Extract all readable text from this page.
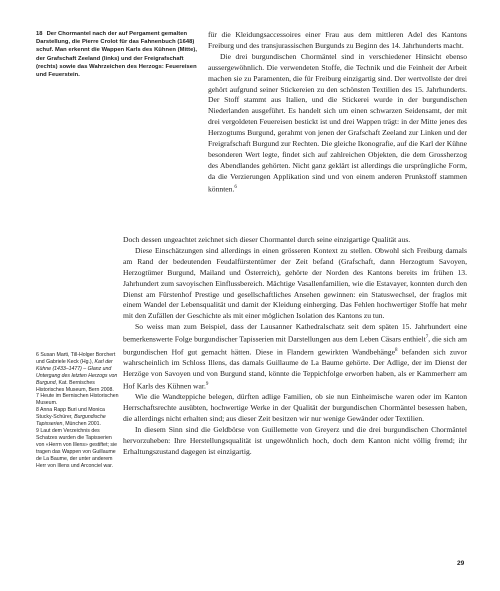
18 Der Chormantel nach der auf Pergament gemalten Darstellung, die Pierre Crolot für das Fahnenbuch (1648) schuf. Man erkennt die Wappen Karls des Kühnen (Mitte), der Grafschaft Zeeland (links) und der Freigrafschaft (rechts) sowie das Wahrzeichen des Herzogs: Feuereisen und Feuerstein.

für die Kleidungsaccessoires einer Frau aus dem mittleren Adel des Kantons Freiburg und des transjurassischen Burgunds zu Beginn des 14. Jahrhunderts macht.

Die drei burgundischen Chormäntel sind in verschiedener Hinsicht ebenso aussergewöhnlich. Die verwendeten Stoffe, die Technik und die Feinheit der Arbeit machen sie zu Paramenten, die für Freiburg einzigartig sind. Der wertvollste der drei gehört aufgrund seiner Stickereien zu den schönsten Textilien des 15. Jahrhunderts. Der Stoff stammt aus Italien, und die Stickerei wurde in der burgundischen Niederlanden ausgeführt. Es handelt sich um einen schwarzen Seidensamt, der mit drei vergoldeten Feuereisen bestickt ist und drei Wappen trägt: in der Mitte jenes des Herzogtums Burgund, gerahmt von jenen der Grafschaft Zeeland zur Linken und der Freigrafschaft Burgund zur Rechten. Die gleiche Ikonografie, auf die Karl der Kühne besonderen Wert legte, findet sich auf zahlreichen Objekten, die dem Grossherzog des Abendlandes gehörten. Nicht ganz geklärt ist allerdings die ursprüngliche Form, da die Verzierungen Applikation sind und von einem anderen Prunkstoff stammen könnten.$^6$

Doch dessen ungeachtet zeichnet sich dieser Chormantel durch seine einzigartige Qualität aus.

Diese Einschätzungen sind allerdings in einen grösseren Kontext zu stellen. Obwohl sich Freiburg damals am Rand der bedeutenden Feudalfürstentümer der Zeit befand (Grafschaft, dann Herzogtum Savoyen, Herzogtümer Burgund, Mailand und Österreich), gehörte der Norden des Kantons bereits im frühen 13. Jahrhundert zum savoyischen Einflussbereich. Mächtige Vasallenfamilien, wie die Estavayer, konnten durch den Dienst am Fürstenhof Prestige und gesellschaftliches Ansehen gewinnen: ein Statuswechsel, der fraglos mit einem Wandel der Lebensqualität und damit der Kleidung einherging. Das Fehlen hochwertiger Stoffe hat mehr mit den Zufällen der Geschichte als mit einer möglichen Isolation des Kantons zu tun.

So weiss man zum Beispiel, dass der Lausanner Kathedralschatz seit dem späten 15. Jahrhundert eine bemerkenswerte Folge burgundischer Tapisserien mit Darstellungen aus dem Leben Cäsars enthielt$^7$, die sich am burgundischen Hof gut gemacht hätten. Diese in Flandern gewirkten Wandbehänge$^8$ befanden sich zuvor wahrscheinlich im Schloss Illens, das damals Guillaume de La Baume gehörte. Der Adlige, der im Dienst der Herzöge von Savoyen und von Burgund stand, könnte die Teppichfolge erworben haben, als er Kammerherr am Hof Karls des Kühnen war.$^9$

Wie die Wandteppiche belegen, dürften adlige Familien, ob sie nun Einheimische waren oder im Kanton Herrschaftsrechte ausübten, hochwertige Werke in der Qualität der burgundischen Chormäntel besessen haben, die allerdings nicht erhalten sind; aus dieser Zeit besitzen wir nur wenige Gewänder oder Textilien.

In diesem Sinn sind die Geldbörse von Guillemette von Greyerz und die drei burgundischen Chormäntel hervorzuheben: Ihre Herstellungsqualität ist ungewöhnlich hoch, doch dem Kanton nicht völlig fremd; ihr Erhaltungszustand dagegen ist einzigartig.

6 Susan Marti, Till-Holger Borchert und Gabriele Keck (Hg.), Karl der Kühne (1433–1477) – Glanz und Untergang des letzten Herzogs von Burgund, Kat. Bernisches Historisches Museum, Bern 2008.

7 Heute im Bernischen Historischen Museum.

8 Anna Rapp Buri und Monica Stucky-Schürer, Burgundische Tapisserien, München 2001.

9 Laut dem Verzeichnis des Schatzes wurden die Tapisserien von «Herrn von Illens» gestiftet; sie tragen das Wappen von Guillaume de La Baume, der unter anderem Herr von Illens und Arconciel war.

29
